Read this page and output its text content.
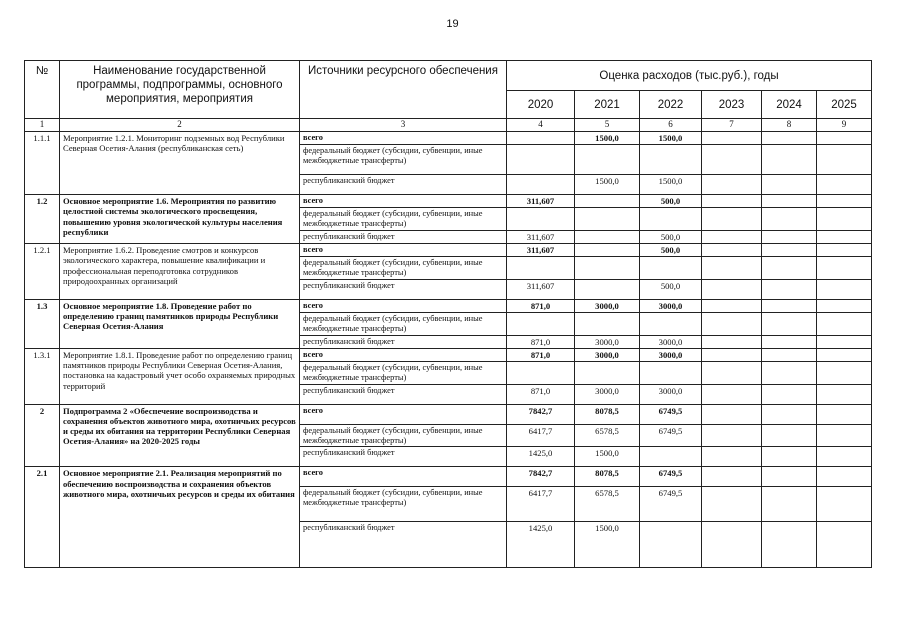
19
№	Наименование государственной программы, подпрограммы, основного мероприятия, мероприятия	Источники ресурсного обеспечения	Оценка расходов (тыс.руб.), годы					
			2020	2021	2022	2023	2024	2025
1	2	3	4	5	6	7	8	9
1.1.1	Мероприятие 1.2.1. Мониторинг подземных вод Республики Северная Осетия-Алания (республиканская сеть)	всего		1500,0	1500,0			
		федеральный бюджет (субсидии, субвенции, иные межбюджетные трансферты)						
		республиканский бюджет		1500,0	1500,0			
1.2	Основное мероприятие 1.6. Мероприятия по развитию целостной системы экологического просвещения, повышению уровня экологической культуры населения республики	всего	311,607		500,0			
		федеральный бюджет (субсидии, субвенции, иные межбюджетные трансферты)						
		республиканский бюджет	311,607		500,0			
1.2.1	Мероприятие 1.6.2. Проведение смотров и конкурсов экологического характера, повышение квалификации и профессиональная переподготовка сотрудников природоохранных организаций	всего	311,607		500,0			
		федеральный бюджет (субсидии, субвенции, иные межбюджетные трансферты)						
		республиканский бюджет	311,607		500,0			
1.3	Основное мероприятие 1.8. Проведение работ по определению границ памятников природы Республики Северная Осетия-Алания	всего	871,0	3000,0	3000,0			
		федеральный бюджет (субсидии, субвенции, иные межбюджетные трансферты)						
		республиканский бюджет	871,0	3000,0	3000,0			
1.3.1	Мероприятие 1.8.1. Проведение работ по определению границ памятников природы Республики Северная Осетия-Алания, постановка на кадастровый учет особо охраняемых природных территорий	всего	871,0	3000,0	3000,0			
		федеральный бюджет (субсидии, субвенции, иные межбюджетные трансферты)						
		республиканский бюджет	871,0	3000,0	3000,0			
2	Подпрограмма 2 «Обеспечение воспроизводства и сохранения объектов животного мира, охотничьих ресурсов и среды их обитания на территории Республики Северная Осетия-Алания» на 2020-2025 годы	всего	7842,7	8078,5	6749,5			
		федеральный бюджет (субсидии, субвенции, иные межбюджетные трансферты)	6417,7	6578,5	6749,5			
		республиканский бюджет	1425,0	1500,0				
2.1	Основное мероприятие 2.1. Реализация мероприятий по обеспечению воспроизводства и сохранения объектов животного мира, охотничьих ресурсов и среды их обитания	всего	7842,7	8078,5	6749,5			
		федеральный бюджет (субсидии, субвенции, иные межбюджетные трансферты)	6417,7	6578,5	6749,5			
		республиканский бюджет	1425,0	1500,0				
